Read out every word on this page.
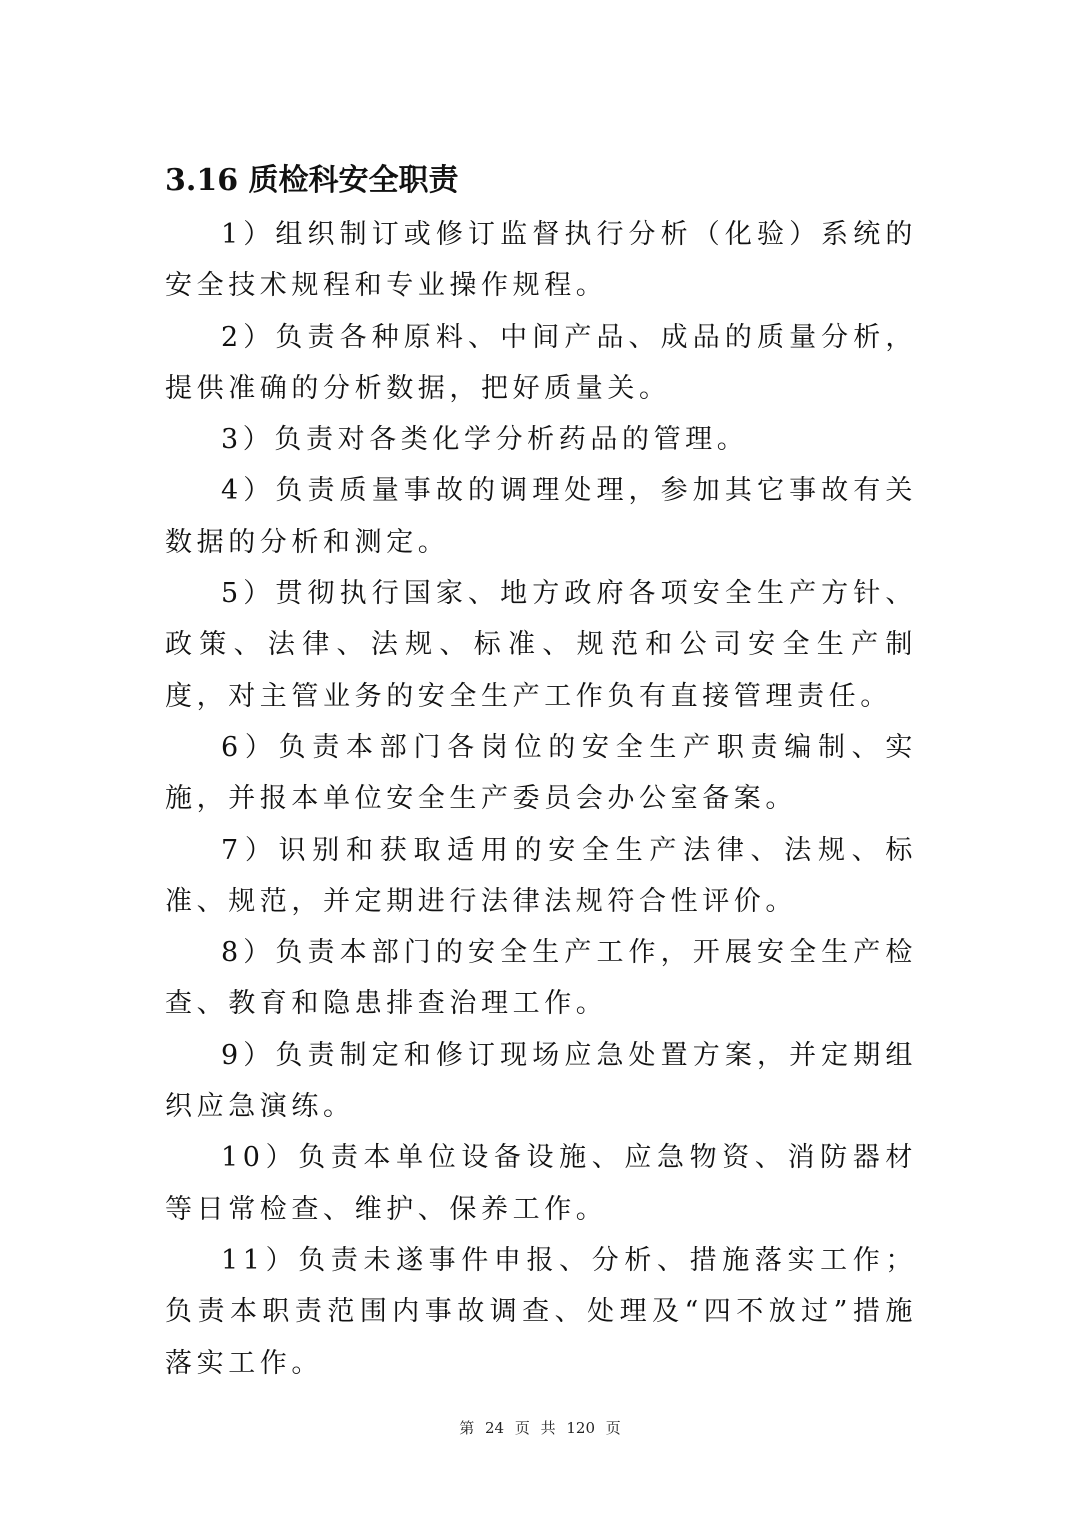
3.16 质检科安全职责

1）组织制订或修订监督执行分析（化验）系统的安全技术规程和专业操作规程。

2）负责各种原料、中间产品、成品的质量分析，提供准确的分析数据，把好质量关。

3）负责对各类化学分析药品的管理。

4）负责质量事故的调理处理，参加其它事故有关数据的分析和测定。

5）贯彻执行国家、地方政府各项安全生产方针、政策、法律、法规、标准、规范和公司安全生产制度，对主管业务的安全生产工作负有直接管理责任。

6）负责本部门各岗位的安全生产职责编制、实施，并报本单位安全生产委员会办公室备案。

7）识别和获取适用的安全生产法律、法规、标准、规范，并定期进行法律法规符合性评价。

8）负责本部门的安全生产工作，开展安全生产检查、教育和隐患排查治理工作。

9）负责制定和修订现场应急处置方案，并定期组织应急演练。

10）负责本单位设备设施、应急物资、消防器材等日常检查、维护、保养工作。

11）负责未遂事件申报、分析、措施落实工作；负责本职责范围内事故调查、处理及“四不放过”措施落实工作。

第 24 页 共 120 页
